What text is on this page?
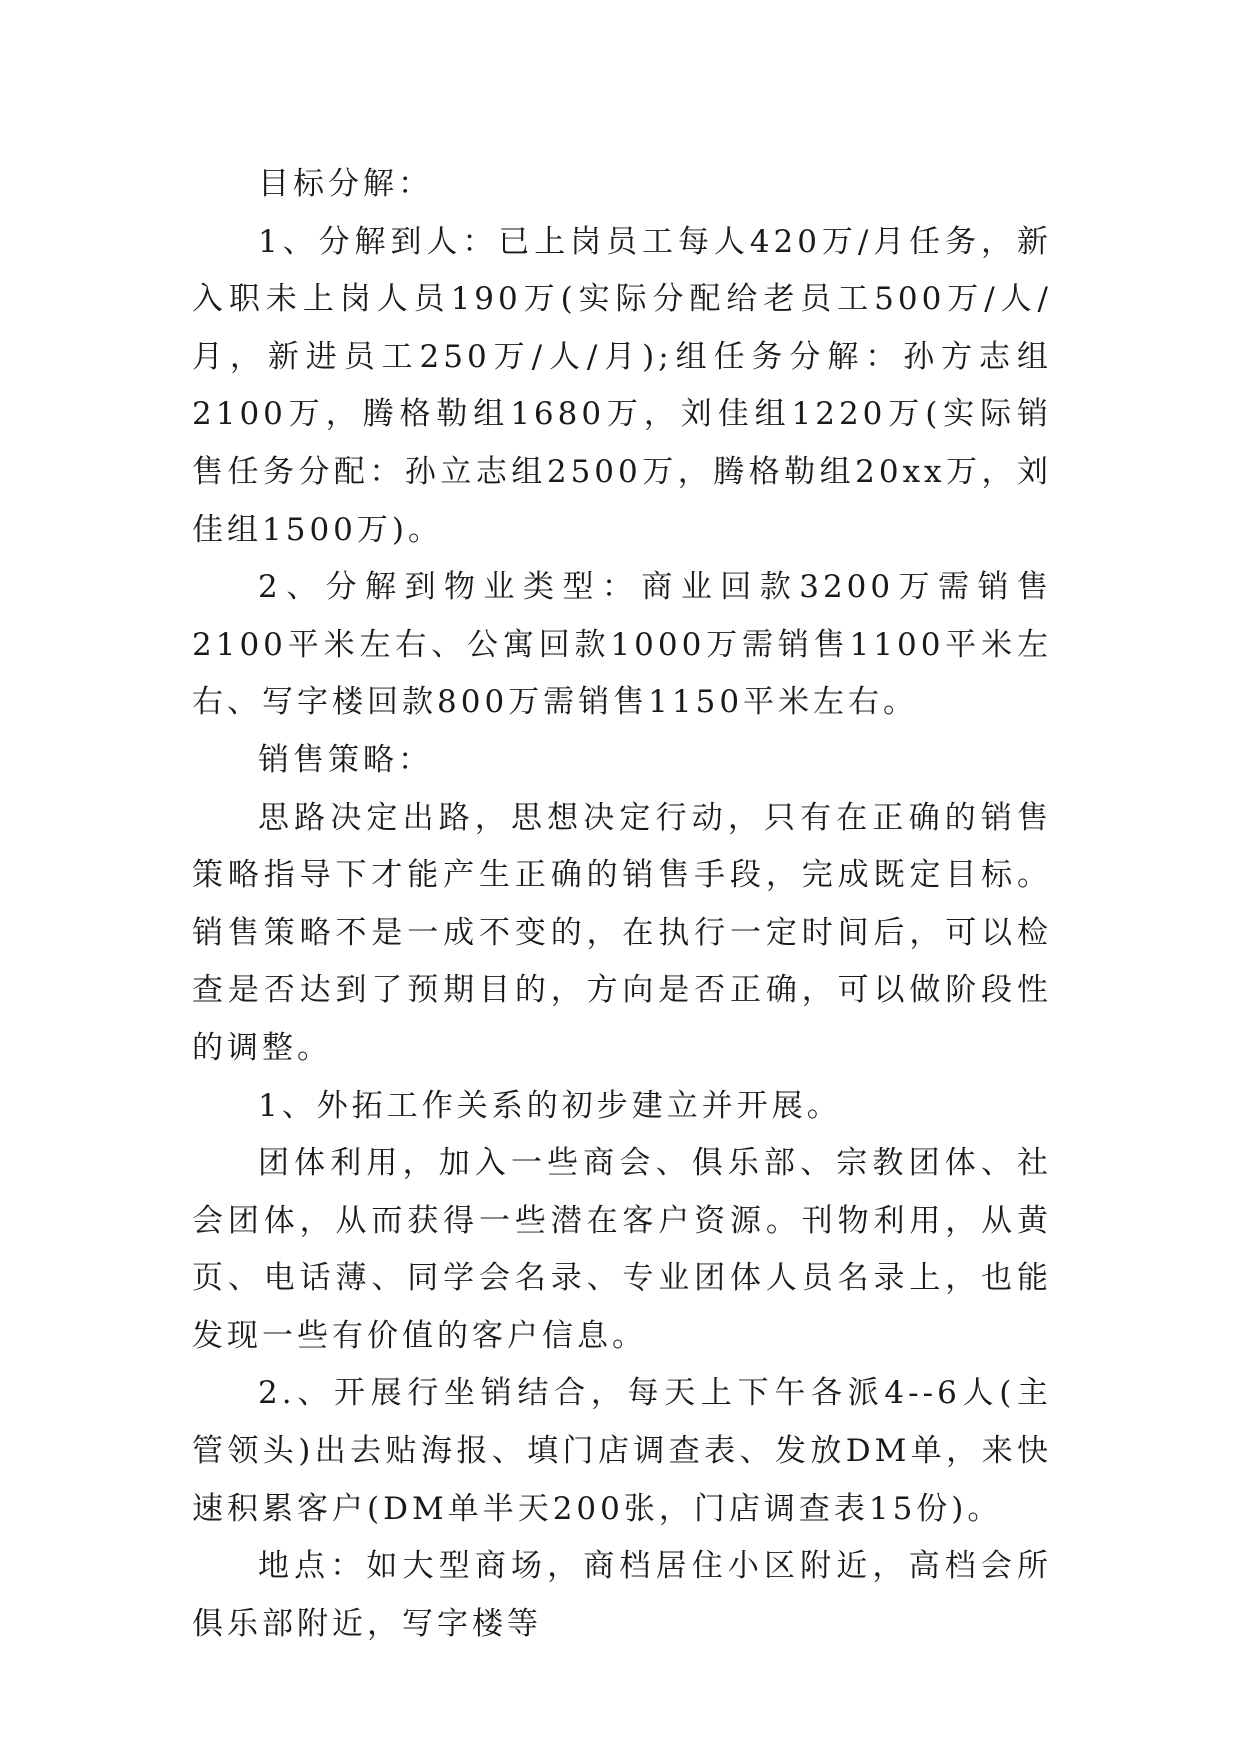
目标分解：

1、分解到人：已上岗员工每人420万/月任务，新入职未上岗人员190万(实际分配给老员工500万/人/月，新进员工250万/人/月);组任务分解：孙方志组2100万，腾格勒组1680万，刘佳组1220万(实际销售任务分配：孙立志组2500万，腾格勒组20xx万，刘佳组1500万)。

2、分解到物业类型：商业回款3200万需销售2100平米左右、公寓回款1000万需销售1100平米左右、写字楼回款800万需销售1150平米左右。

销售策略：

思路决定出路，思想决定行动，只有在正确的销售策略指导下才能产生正确的销售手段，完成既定目标。销售策略不是一成不变的，在执行一定时间后，可以检查是否达到了预期目的，方向是否正确，可以做阶段性的调整。

1、外拓工作关系的初步建立并开展。

团体利用，加入一些商会、俱乐部、宗教团体、社会团体，从而获得一些潜在客户资源。刊物利用，从黄页、电话薄、同学会名录、专业团体人员名录上，也能发现一些有价值的客户信息。

2.、开展行坐销结合，每天上下午各派4--6人(主管领头)出去贴海报、填门店调查表、发放DM单，来快速积累客户(DM单半天200张，门店调查表15份)。

地点：如大型商场，商档居住小区附近，高档会所俱乐部附近，写字楼等
